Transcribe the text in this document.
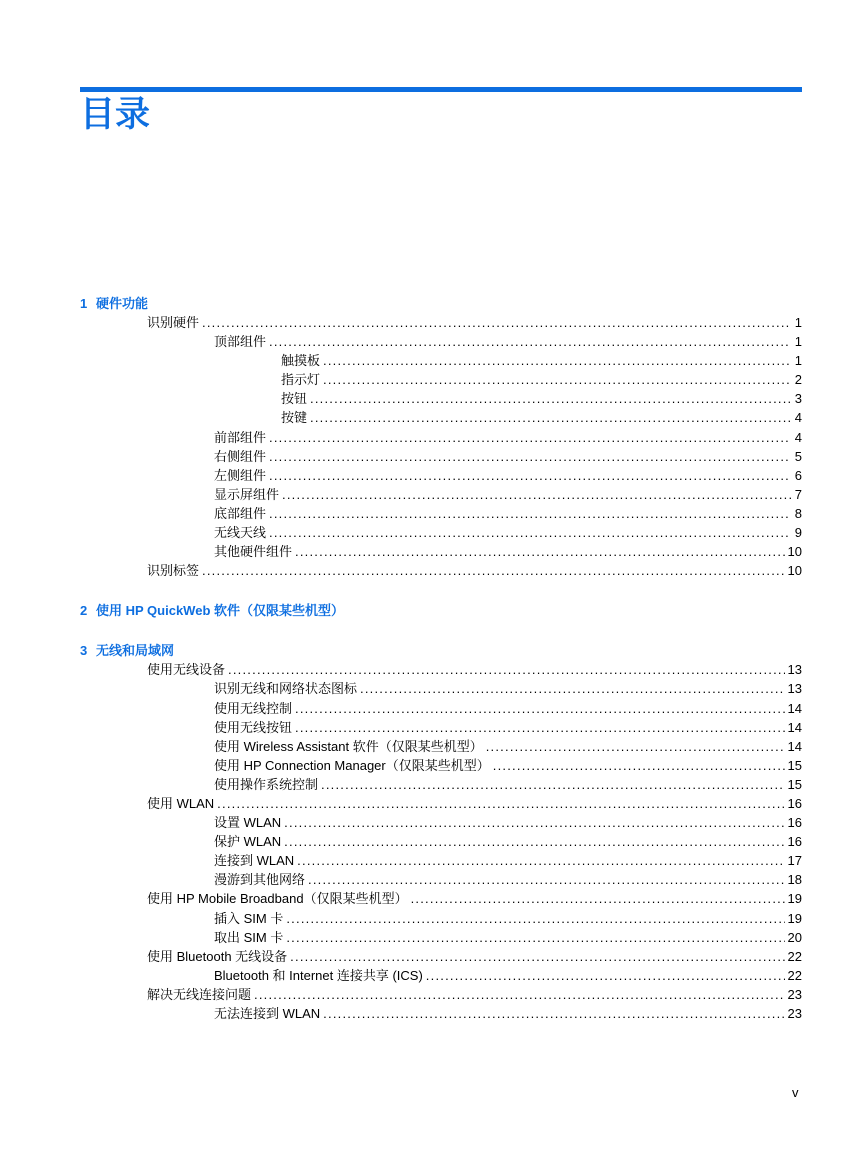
目录
1 硬件功能
识别硬件 . . .	1
顶部组件 . . .	1
触摸板 . . .	1
指示灯 . . .	2
按钮 . . .	3
按键 . . .	4
前部组件 . . .	4
右侧组件 . . .	5
左侧组件 . . .	6
显示屏组件 . . .	7
底部组件 . . .	8
无线天线 . . .	9
其他硬件组件 . . .	10
识别标签 . . .	10
2 使用 HP QuickWeb 软件（仅限某些机型）
3 无线和局域网
使用无线设备 . . .	13
识别无线和网络状态图标 . . .	13
使用无线控制 . . .	14
使用无线按钮 . . .	14
使用 Wireless Assistant 软件（仅限某些机型） . . .	14
使用 HP Connection Manager（仅限某些机型） . . .	15
使用操作系统控制 . . .	15
使用 WLAN . . .	16
设置 WLAN . . .	16
保护 WLAN . . .	16
连接到 WLAN . . .	17
漫游到其他网络 . . .	18
使用 HP Mobile Broadband（仅限某些机型） . . .	19
插入 SIM 卡 . . .	19
取出 SIM 卡 . . .	20
使用 Bluetooth 无线设备 . . .	22
Bluetooth 和 Internet 连接共享 (ICS) . . .	22
解决无线连接问题 . . .	23
无法连接到 WLAN . . .	23
v
